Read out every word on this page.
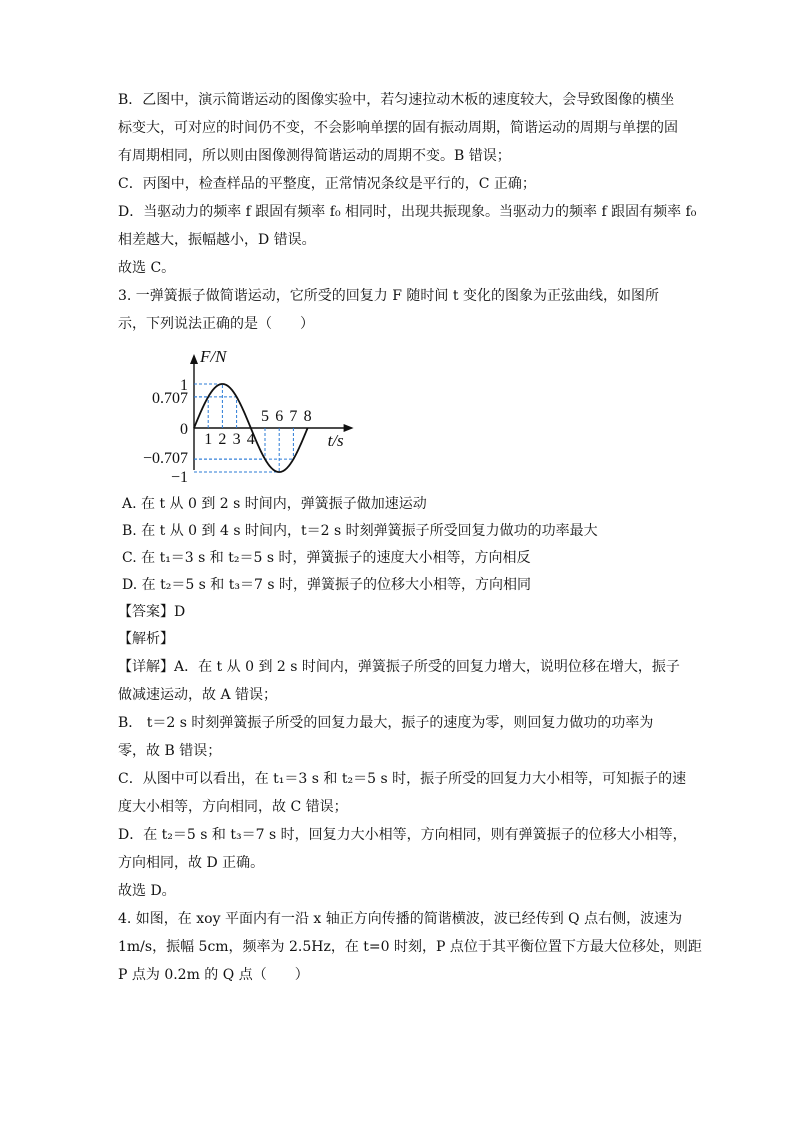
B．乙图中，演示简谐运动的图像实验中，若匀速拉动木板的速度较大，会导致图像的横坐
标变大，可对应的时间仍不变，不会影响单摆的固有振动周期，简谐运动的周期与单摆的固
有周期相同，所以则由图像测得简谐运动的周期不变。B 错误；
C．丙图中，检查样品的平整度，正常情况条纹是平行的，C 正确；
D．当驱动力的频率 f 跟固有频率 f₀ 相同时，出现共振现象。当驱动力的频率 f 跟固有频率 f₀
相差越大，振幅越小，D 错误。
故选 C。
3. 一弹簧振子做简谐运动，它所受的回复力 F 随时间 t 变化的图象为正弦曲线，如图所
示，下列说法正确的是（　　）
1
0.707
0
−0.707
−1
1 2 3 4
5 6 7 8
F/N
t/s
A. 在 t 从 0 到 2 s 时间内，弹簧振子做加速运动
B. 在 t 从 0 到 4 s 时间内，t＝2 s 时刻弹簧振子所受回复力做功的功率最大
C. 在 t₁＝3 s 和 t₂＝5 s 时，弹簧振子的速度大小相等，方向相反
D. 在 t₂＝5 s 和 t₃＝7 s 时，弹簧振子的位移大小相等，方向相同
【答案】D
【解析】
【详解】A．在 t 从 0 到 2 s 时间内，弹簧振子所受的回复力增大，说明位移在增大，振子
做减速运动，故 A 错误；
B． t＝2 s 时刻弹簧振子所受的回复力最大，振子的速度为零，则回复力做功的功率为
零，故 B 错误；
C．从图中可以看出，在 t₁＝3 s 和 t₂＝5 s 时，振子所受的回复力大小相等，可知振子的速
度大小相等，方向相同，故 C 错误；
D．在 t₂＝5 s 和 t₃＝7 s 时，回复力大小相等，方向相同，则有弹簧振子的位移大小相等，
方向相同，故 D 正确。
故选 D。
4. 如图，在 xoy 平面内有一沿 x 轴正方向传播的简谐横波，波已经传到 Q 点右侧，波速为
1m/s，振幅 5cm，频率为 2.5Hz，在 t=0 时刻，P 点位于其平衡位置下方最大位移处，则距
P 点为 0.2m 的 Q 点（　　）
